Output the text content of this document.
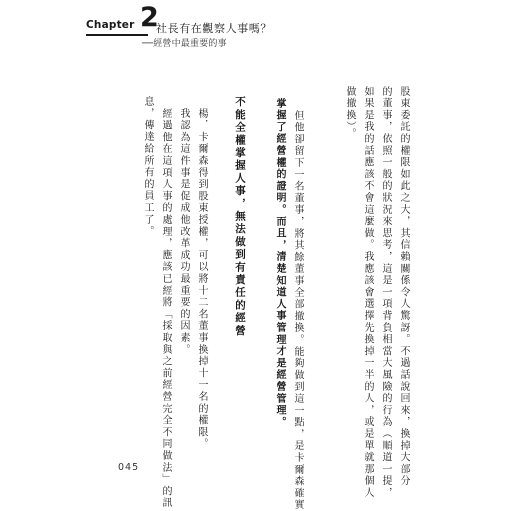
Chapter 2
社長有在觀察人事嗎？
──經營中最重要的事
股東委託的權限如此之大，其信賴關係令人驚訝。不過話說回來，換掉大部分
的董事，依照一般的狀況來思考，這是一項背負相當大風險的行為（順道一提，
如果是我的話應該不會這麼做。我應該會選擇先換掉一半的人，或是單就那個人
做撤換）。
但他卻留下一名董事，將其餘董事全部撤換。能夠做到這一點，是卡爾森確實
掌握了經營權的證明。而且，清楚知道人事管理才是經營管理。
不能全權掌握人事，無法做到有責任的經營
楊．卡爾森得到股東授權，可以將十二名董事換掉十一名的權限。
我認為這件事是促成他改革成功最重要的因素。
經過他在這項人事的處理，應該已經將「採取與之前經營完全不同做法」的訊
息，傳達給所有的員工了。
045
